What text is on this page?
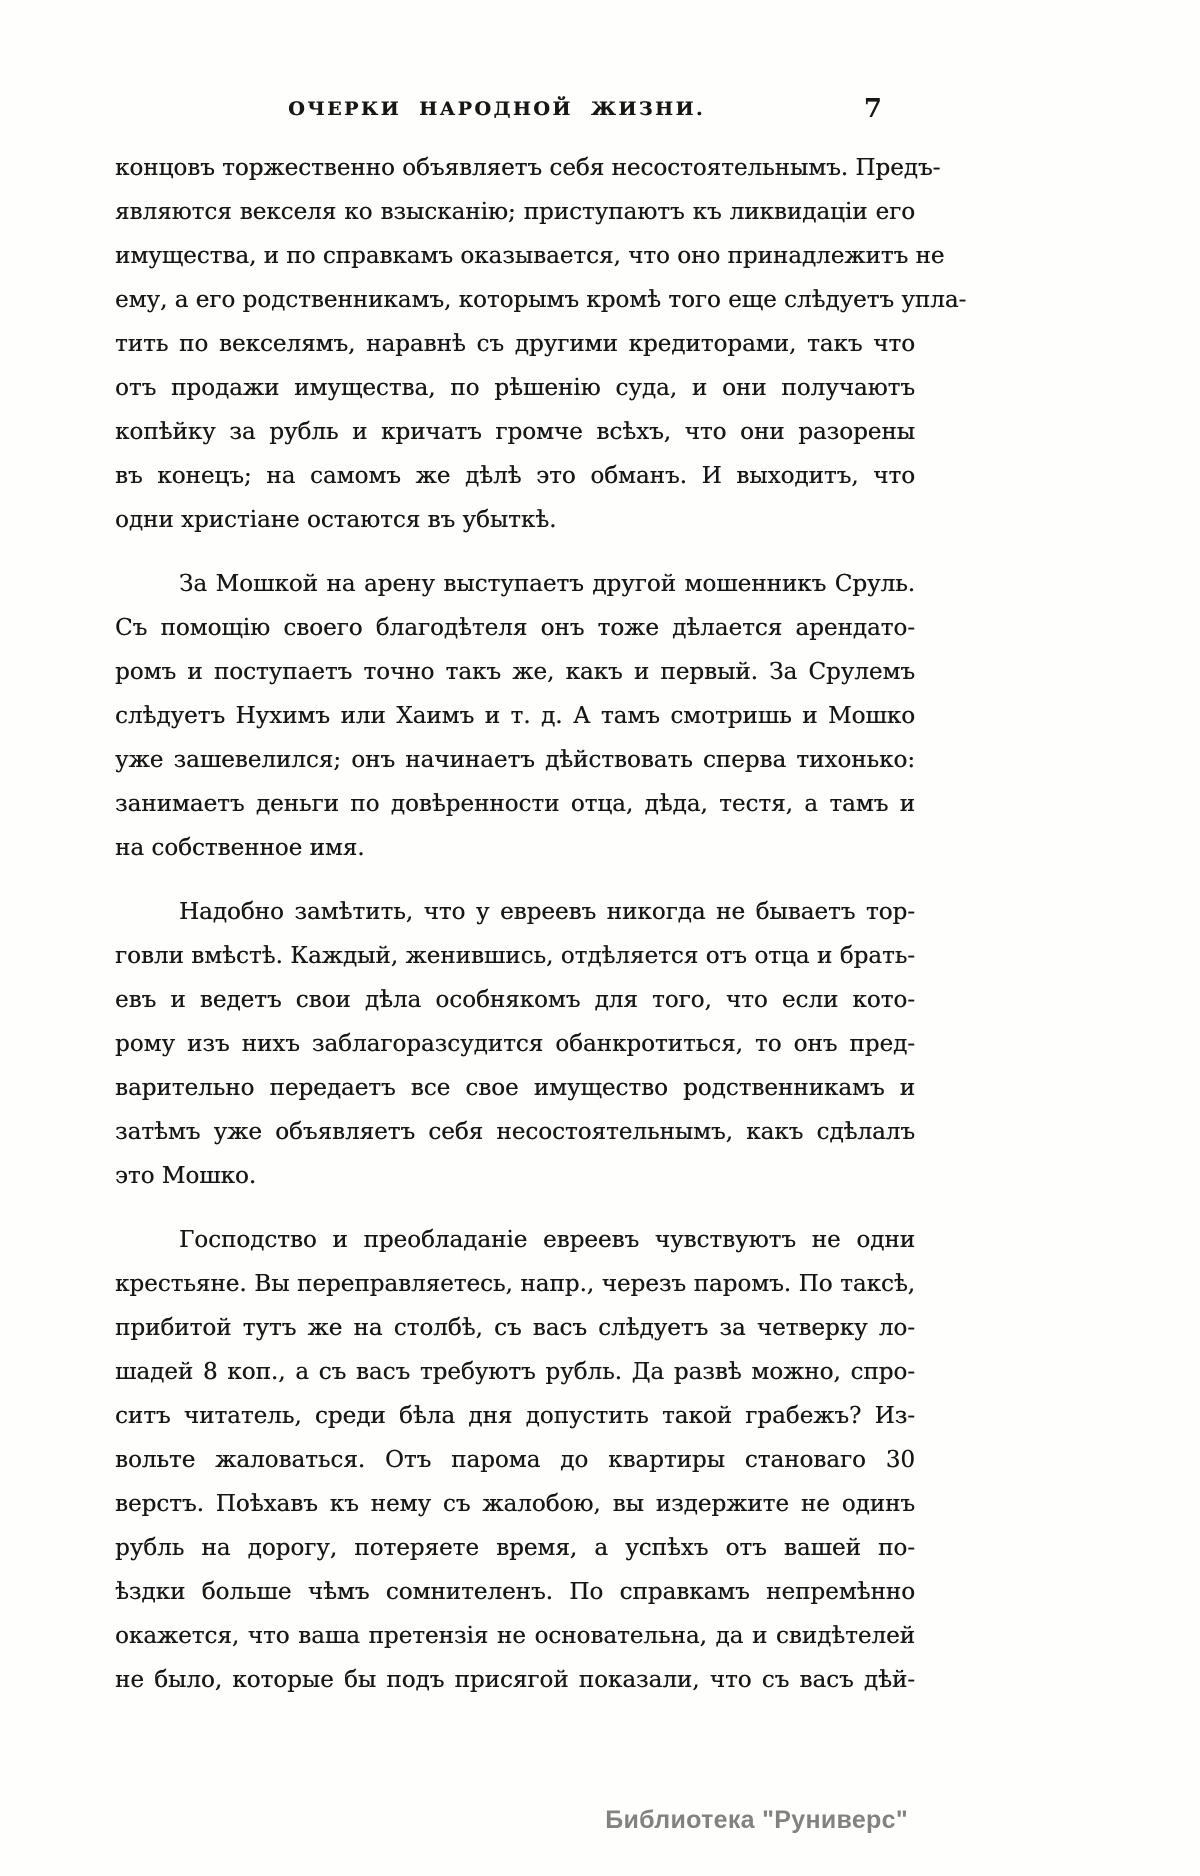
ОЧЕРКИ НАРОДНОЙ ЖИЗНИ.	7
концовъ торжественно объявляетъ себя несостоятельнымъ. Предъ-
являются векселя ко взысканію; приступаютъ къ ликвидаціи его
имущества, и по справкамъ оказывается, что оно принадлежитъ не
ему, а его родственникамъ, которымъ кромѣ того еще слѣдуетъ упла-
тить по векселямъ, наравнѣ съ другими кредиторами, такъ что
отъ продажи имущества, по рѣшенію суда, и они получаютъ
копѣйку за рубль и кричатъ громче всѣхъ, что они разорены
въ конецъ; на самомъ же дѣлѣ это обманъ. И выходитъ, что
одни христіане остаются въ убыткѣ.
За Мошкой на арену выступаетъ другой мошенникъ Сруль.
Съ помощію своего благодѣтеля онъ тоже дѣлается арендато-
ромъ и поступаетъ точно такъ же, какъ и первый. За Срулемъ
слѣдуетъ Нухимъ или Хаимъ и т. д. А тамъ смотришь и Мошко
уже зашевелился; онъ начинаетъ дѣйствовать сперва тихонько:
занимаетъ деньги по довѣренности отца, дѣда, тестя, а тамъ и
на собственное имя.
Надобно замѣтить, что у евреевъ никогда не бываетъ тор-
говли вмѣстѣ. Каждый, женившись, отдѣляется отъ отца и брать-
евъ и ведетъ свои дѣла особнякомъ для того, что если кото-
рому изъ нихъ заблагоразсудится обанкротиться, то онъ пред-
варительно передаетъ все свое имущество родственникамъ и
затѣмъ уже объявляетъ себя несостоятельнымъ, какъ сдѣлалъ
это Мошко.
Господство и преобладаніе евреевъ чувствуютъ не одни
крестьяне. Вы переправляетесь, напр., черезъ паромъ. По таксѣ,
прибитой тутъ же на столбѣ, съ васъ слѣдуетъ за четверку ло-
шадей 8 коп., а съ васъ требуютъ рубль. Да развѣ можно, спро-
ситъ читатель, среди бѣла дня допустить такой грабежъ? Из-
вольте жаловаться. Отъ парома до квартиры становаго 30
верстъ. Поѣхавъ къ нему съ жалобою, вы издержите не одинъ
рубль на дорогу, потеряете время, а успѣхъ отъ вашей по-
ѣздки больше чѣмъ сомнителенъ. По справкамъ непремѣнно
окажется, что ваша претензія не основательна, да и свидѣтелей
не было, которые бы подъ присягой показали, что съ васъ дѣй-
Библиотека "Руниверс"
